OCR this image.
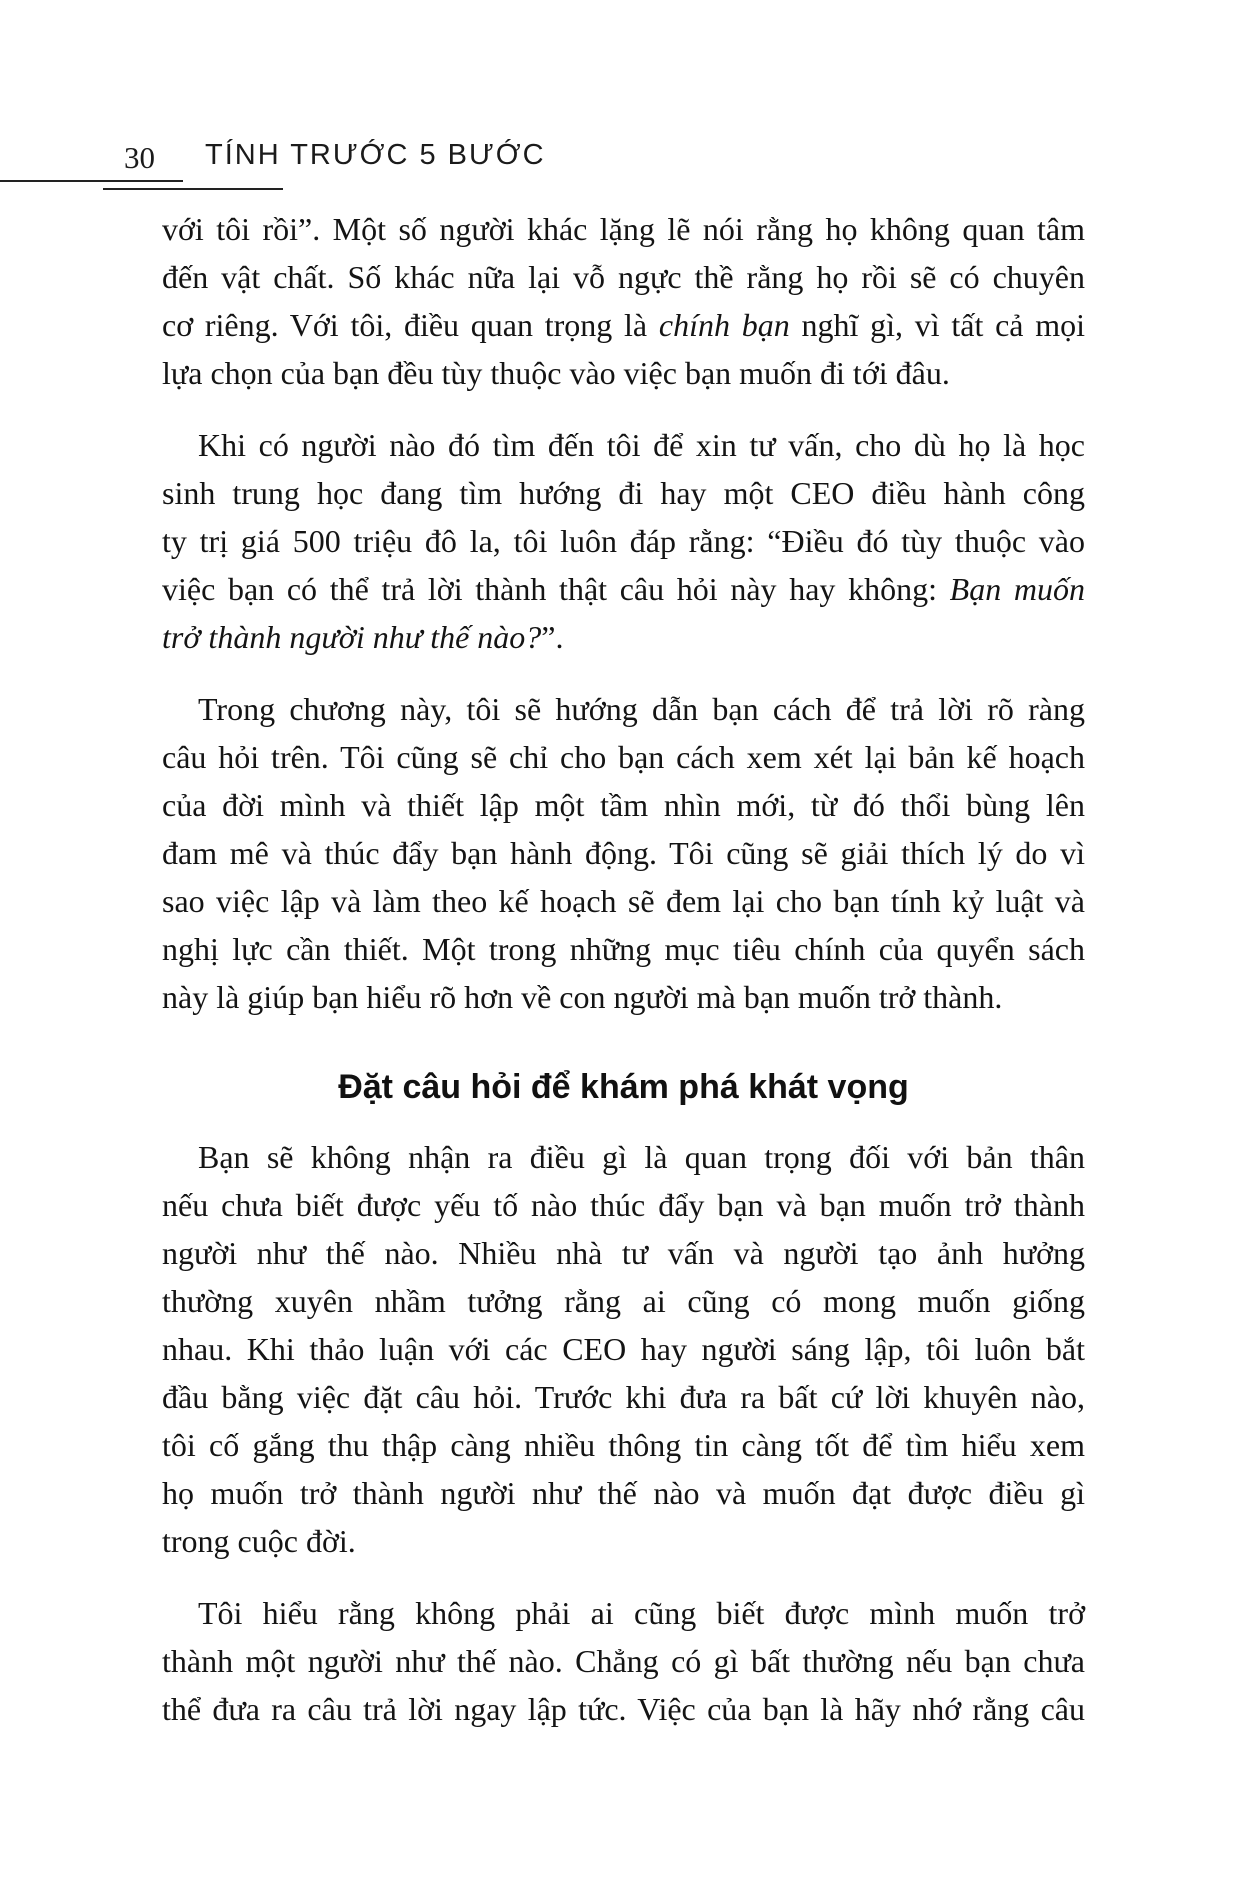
30 TÍNH TRƯỚC 5 BƯỚC

với tôi rồi”. Một số người khác lặng lẽ nói rằng họ không quan tâm
đến vật chất. Số khác nữa lại vỗ ngực thề rằng họ rồi sẽ có chuyên
cơ riêng. Với tôi, điều quan trọng là chính bạn nghĩ gì, vì tất cả mọi
lựa chọn của bạn đều tùy thuộc vào việc bạn muốn đi tới đâu.

Khi có người nào đó tìm đến tôi để xin tư vấn, cho dù họ là học
sinh trung học đang tìm hướng đi hay một CEO điều hành công
ty trị giá 500 triệu đô la, tôi luôn đáp rằng: “Điều đó tùy thuộc vào
việc bạn có thể trả lời thành thật câu hỏi này hay không: Bạn muốn
trở thành người như thế nào?”.

Trong chương này, tôi sẽ hướng dẫn bạn cách để trả lời rõ ràng
câu hỏi trên. Tôi cũng sẽ chỉ cho bạn cách xem xét lại bản kế hoạch
của đời mình và thiết lập một tầm nhìn mới, từ đó thổi bùng lên
đam mê và thúc đẩy bạn hành động. Tôi cũng sẽ giải thích lý do vì
sao việc lập và làm theo kế hoạch sẽ đem lại cho bạn tính kỷ luật và
nghị lực cần thiết. Một trong những mục tiêu chính của quyển sách
này là giúp bạn hiểu rõ hơn về con người mà bạn muốn trở thành.

Đặt câu hỏi để khám phá khát vọng

Bạn sẽ không nhận ra điều gì là quan trọng đối với bản thân
nếu chưa biết được yếu tố nào thúc đẩy bạn và bạn muốn trở thành
người như thế nào. Nhiều nhà tư vấn và người tạo ảnh hưởng
thường xuyên nhầm tưởng rằng ai cũng có mong muốn giống
nhau. Khi thảo luận với các CEO hay người sáng lập, tôi luôn bắt
đầu bằng việc đặt câu hỏi. Trước khi đưa ra bất cứ lời khuyên nào,
tôi cố gắng thu thập càng nhiều thông tin càng tốt để tìm hiểu xem
họ muốn trở thành người như thế nào và muốn đạt được điều gì
trong cuộc đời.

Tôi hiểu rằng không phải ai cũng biết được mình muốn trở
thành một người như thế nào. Chẳng có gì bất thường nếu bạn chưa
thể đưa ra câu trả lời ngay lập tức. Việc của bạn là hãy nhớ rằng câu
